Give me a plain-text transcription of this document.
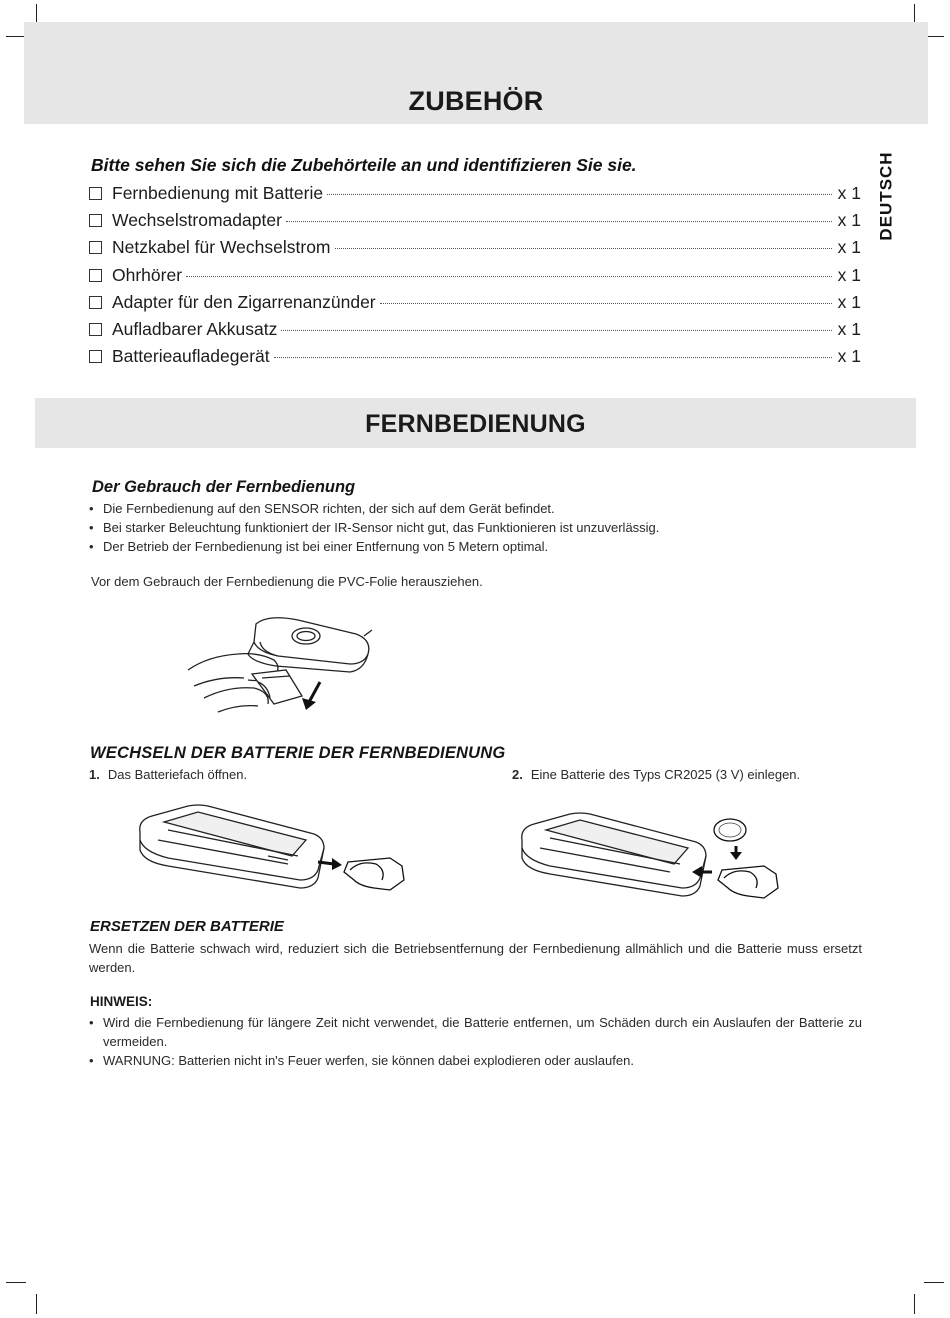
ZUBEHÖR
DEUTSCH
Bitte sehen Sie sich die Zubehörteile an und identifizieren Sie sie.
Fernbedienung mit Batterie	x 1
Wechselstromadapter	x 1
Netzkabel für Wechselstrom	x 1
Ohrhörer	x 1
Adapter für den Zigarrenanzünder	x 1
Aufladbarer Akkusatz	x 1
Batterieaufladegerät	x 1
FERNBEDIENUNG
Der Gebrauch der Fernbedienung
• Die Fernbedienung auf den SENSOR richten, der sich auf dem Gerät befindet.
• Bei starker Beleuchtung funktioniert der IR-Sensor nicht gut, das Funktionieren ist unzuverlässig.
• Der Betrieb der Fernbedienung ist bei einer Entfernung von 5 Metern optimal.
Vor dem Gebrauch der Fernbedienung die PVC-Folie herausziehen.
WECHSELN DER BATTERIE DER FERNBEDIENUNG
1. Das Batteriefach öffnen.	2. Eine Batterie des Typs CR2025 (3 V) einlegen.
ERSETZEN DER BATTERIE
Wenn die Batterie schwach wird, reduziert sich die Betriebsentfernung der Fernbedienung allmählich und die Batterie muss ersetzt werden.
HINWEIS:
• Wird die Fernbedienung für längere Zeit nicht verwendet, die Batterie entfernen, um Schäden durch ein Auslaufen der Batterie zu vermeiden.
• WARNUNG: Batterien nicht in's Feuer werfen, sie können dabei explodieren oder auslaufen.
